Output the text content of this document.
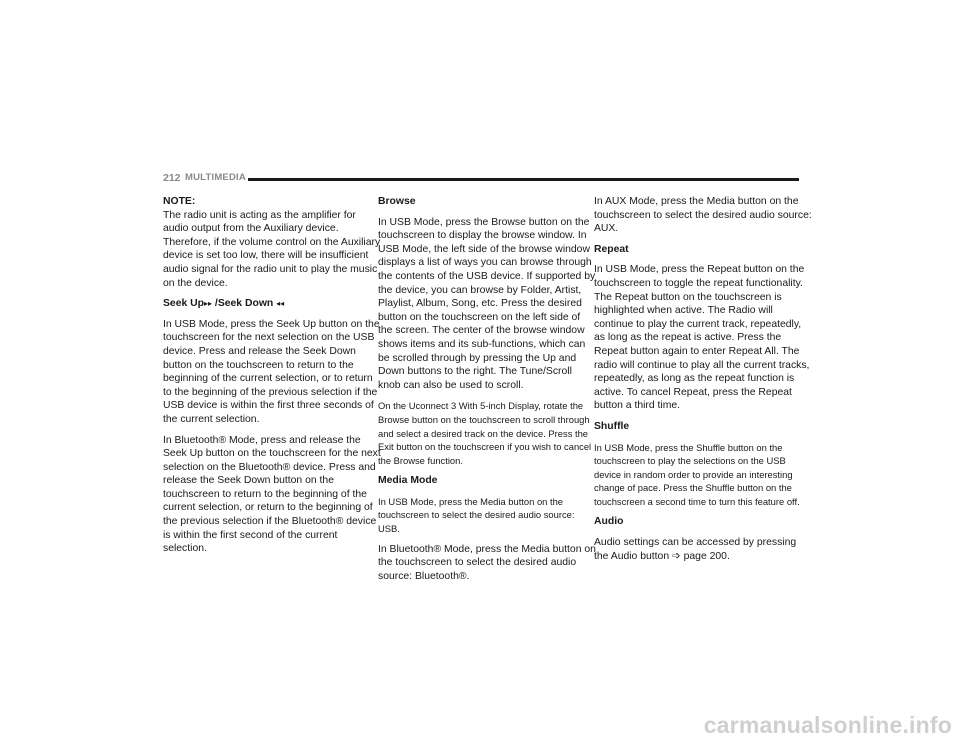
212 MULTIMEDIA

NOTE:
The radio unit is acting as the amplifier for audio output from the Auxiliary device. Therefore, if the volume control on the Auxiliary device is set too low, there will be insufficient audio signal for the radio unit to play the music on the device.

Seek Up▸▸ /Seek Down ◂◂

In USB Mode, press the Seek Up button on the touchscreen for the next selection on the USB device. Press and release the Seek Down button on the touchscreen to return to the beginning of the current selection, or to return to the beginning of the previous selection if the USB device is within the first three seconds of the current selection.

In Bluetooth® Mode, press and release the Seek Up button on the touchscreen for the next selection on the Bluetooth® device. Press and release the Seek Down button on the touchscreen to return to the beginning of the current selection, or return to the beginning of the previous selection if the Bluetooth® device is within the first second of the current selection.

Browse

In USB Mode, press the Browse button on the touchscreen to display the browse window. In USB Mode, the left side of the browse window displays a list of ways you can browse through the contents of the USB device. If supported by the device, you can browse by Folder, Artist, Playlist, Album, Song, etc. Press the desired button on the touchscreen on the left side of the screen. The center of the browse window shows items and its sub-functions, which can be scrolled through by pressing the Up and Down buttons to the right. The Tune/Scroll knob can also be used to scroll.

On the Uconnect 3 With 5-inch Display, rotate the Browse button on the touchscreen to scroll through and select a desired track on the device. Press the Exit button on the touchscreen if you wish to cancel the Browse function.

Media Mode

In USB Mode, press the Media button on the touchscreen to select the desired audio source: USB.

In Bluetooth® Mode, press the Media button on the touchscreen to select the desired audio source: Bluetooth®.

In AUX Mode, press the Media button on the touchscreen to select the desired audio source: AUX.

Repeat

In USB Mode, press the Repeat button on the touchscreen to toggle the repeat functionality. The Repeat button on the touchscreen is highlighted when active. The Radio will continue to play the current track, repeatedly, as long as the repeat is active. Press the Repeat button again to enter Repeat All. The radio will continue to play all the current tracks, repeatedly, as long as the repeat function is active. To cancel Repeat, press the Repeat button a third time.

Shuffle

In USB Mode, press the Shuffle button on the touchscreen to play the selections on the USB device in random order to provide an interesting change of pace. Press the Shuffle button on the touchscreen a second time to turn this feature off.

Audio

Audio settings can be accessed by pressing the Audio button ➩ page 200.

carmanualsonline.info
